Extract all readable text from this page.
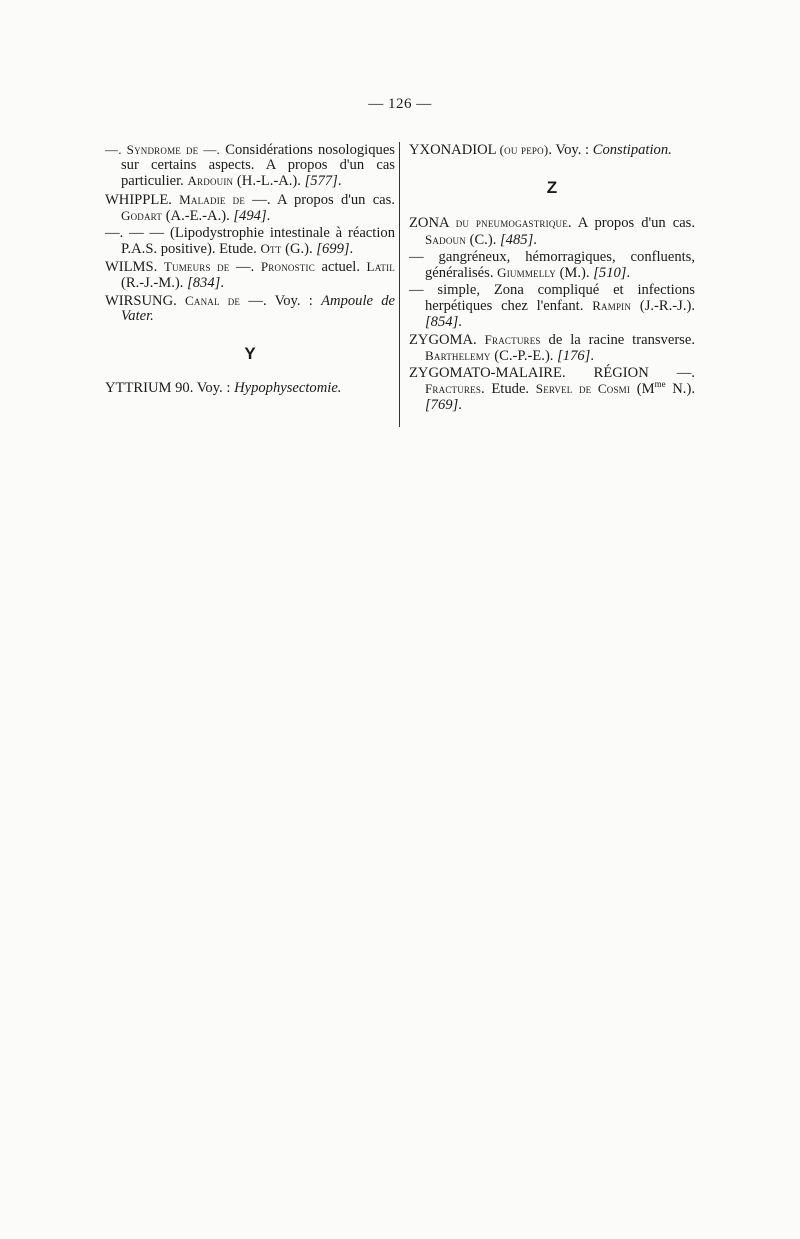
— 126 —

—. Syndrome de —. Considérations nosologiques sur certains aspects. A propos d'un cas particulier. Ardouin (H.-L.-A.). [577].

WHIPPLE. Maladie de —. A propos d'un cas. Godart (A.-E.-A.). [494].

—. — — (Lipodystrophie intestinale à réaction P.A.S. positive). Etude. Ott (G.). [699].

WILMS. Tumeurs de —. Pronostic actuel. Latil (R.-J.-M.). [834].

WIRSUNG. Canal de —. Voy. : Ampoule de Vater.

Y

YTTRIUM 90. Voy. : Hypophysectomie.

YXONADIOL (ou pepo). Voy. : Constipation.

Z

ZONA du pneumogastrique. A propos d'un cas. Sadoun (C.). [485].

— gangréneux, hémorragiques, confluents, généralisés. Giummelly (M.). [510].

— simple, Zona compliqué et infections herpétiques chez l'enfant. Rampin (J.-R.-J.). [854].

ZYGOMA. Fractures de la racine transverse. Barthelemy (C.-P.-E.). [176].

ZYGOMATO-MALAIRE. RÉGION —. Fractures. Etude. Servel de Cosmi ($M^{me}$ N.). [769].
